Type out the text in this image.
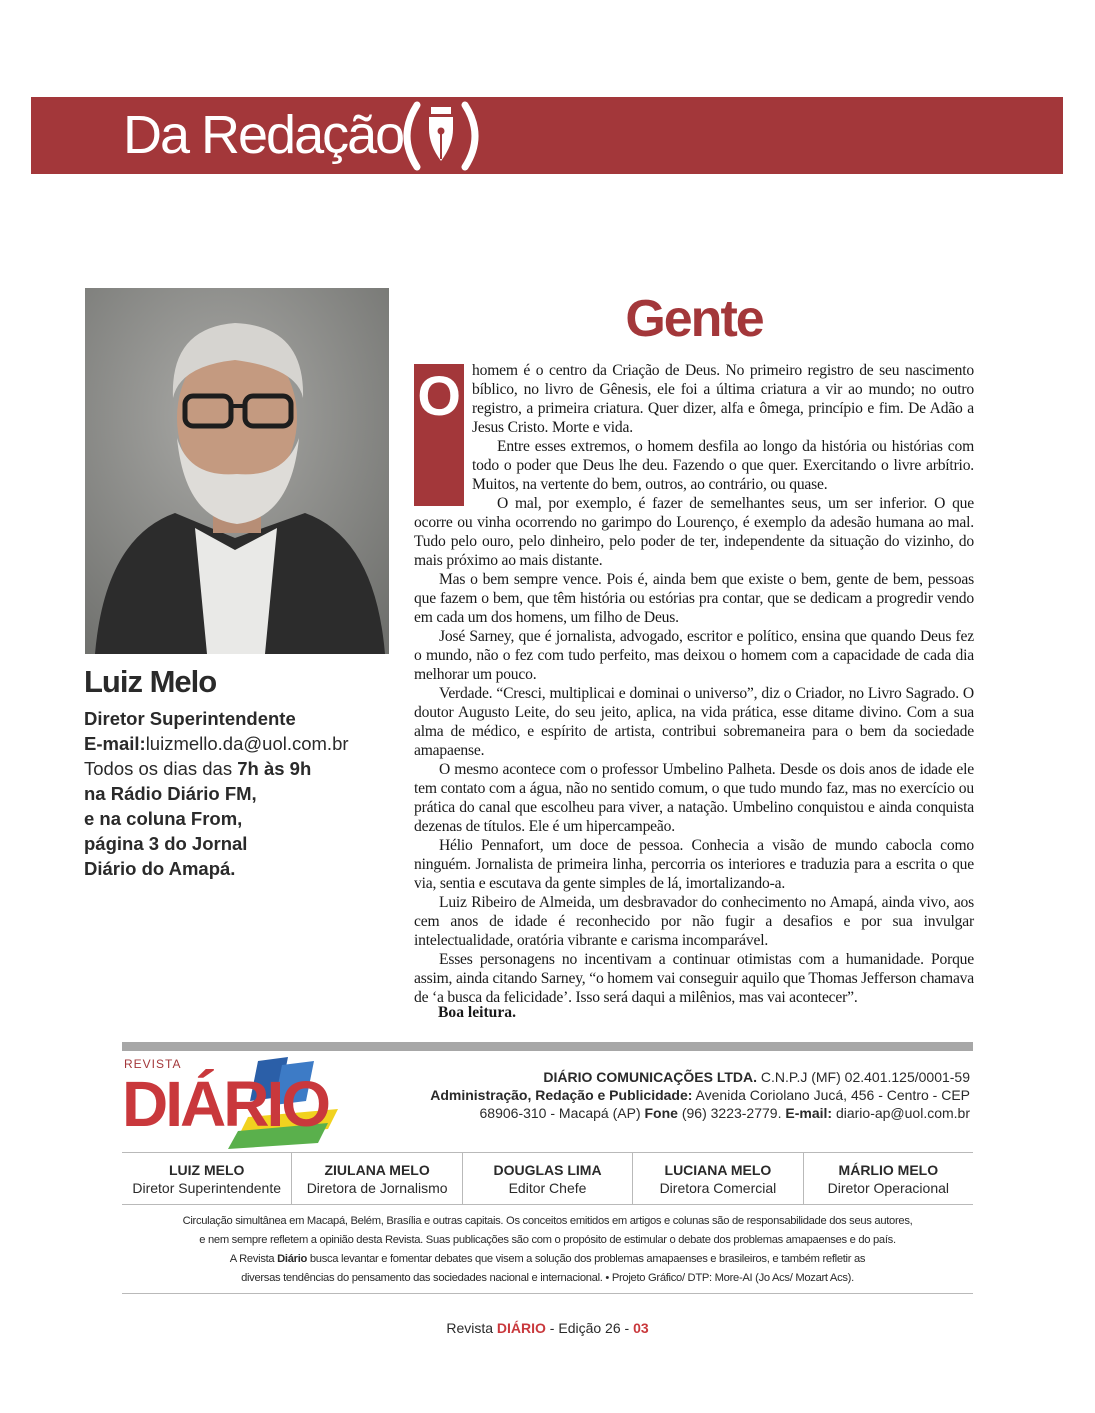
Da Redação
Luiz Melo
Diretor Superintendente
E-mail:luizmello.da@uol.com.br
Todos os dias das 7h às 9h
na Rádio Diário FM,
e na coluna From,
página 3 do Jornal
Diário do Amapá.
Gente
O homem é o centro da Criação de Deus. No primeiro registro de seu nascimento bíblico, no livro de Gênesis, ele foi a última criatura a vir ao mundo; no outro registro, a primeira criatura. Quer dizer, alfa e ômega, princípio e fim. De Adão a Jesus Cristo. Morte e vida.

Entre esses extremos, o homem desfila ao longo da história ou histórias com todo o poder que Deus lhe deu. Fazendo o que quer. Exercitando o livre arbítrio. Muitos, na vertente do bem, outros, ao contrário, ou quase.

O mal, por exemplo, é fazer de semelhantes seus, um ser inferior. O que ocorre ou vinha ocorrendo no garimpo do Lourenço, é exemplo da adesão humana ao mal. Tudo pelo ouro, pelo dinheiro, pelo poder de ter, independente da situação do vizinho, do mais próximo ao mais distante.

Mas o bem sempre vence. Pois é, ainda bem que existe o bem, gente de bem, pessoas que fazem o bem, que têm história ou estórias pra contar, que se dedicam a progredir vendo em cada um dos homens, um filho de Deus.

José Sarney, que é jornalista, advogado, escritor e político, ensina que quando Deus fez o mundo, não o fez com tudo perfeito, mas deixou o homem com a capacidade de cada dia melhorar um pouco.

Verdade. “Cresci, multiplicai e dominai o universo”, diz o Criador, no Livro Sagrado. O doutor Augusto Leite, do seu jeito, aplica, na vida prática, esse ditame divino. Com a sua alma de médico, e espírito de artista, contribui sobremaneira para o bem da sociedade amapaense.

O mesmo acontece com o professor Umbelino Palheta. Desde os dois anos de idade ele tem contato com a água, não no sentido comum, o que tudo mundo faz, mas no exercício ou prática do canal que escolheu para viver, a natação. Umbelino conquistou e ainda conquista dezenas de títulos. Ele é um hipercampeão.

Hélio Pennafort, um doce de pessoa. Conhecia a visão de mundo cabocla como ninguém. Jornalista de primeira linha, percorria os interiores e traduzia para a escrita o que via, sentia e escutava da gente simples de lá, imortalizando-a.

Luiz Ribeiro de Almeida, um desbravador do conhecimento no Amapá, ainda vivo, aos cem anos de idade é reconhecido por não fugir a desafios e por sua invulgar intelectualidade, oratória vibrante e carisma incomparável.

Esses personagens no incentivam a continuar otimistas com a humanidade. Porque assim, ainda citando Sarney, “o homem vai conseguir aquilo que Thomas Jefferson chamava de ‘a busca da felicidade’. Isso será daqui a milênios, mas vai acontecer”.

Boa leitura.
REVISTA
DIÁRIO	DIÁRIO COMUNICAÇÕES LTDA. C.N.P.J (MF) 02.401.125/0001-59
Administração, Redação e Publicidade: Avenida Coriolano Jucá, 456 - Centro - CEP 68906-310 - Macapá (AP) Fone (96) 3223-2779. E-mail: diario-ap@uol.com.br
LUIZ MELO
Diretor Superintendente
ZIULANA MELO
Diretora de Jornalismo
DOUGLAS LIMA
Editor Chefe
LUCIANA MELO
Diretora Comercial
MÁRLIO MELO
Diretor Operacional
Circulação simultânea em Macapá, Belém, Brasília e outras capitais. Os conceitos emitidos em artigos e colunas são de responsabilidade dos seus autores,
e nem sempre refletem a opinião desta Revista. Suas publicações são com o propósito de estimular o debate dos problemas amapaenses e do país.
A Revista Diário busca levantar e fomentar debates que visem a solução dos problemas amapaenses e brasileiros, e também refletir as
diversas tendências do pensamento das sociedades nacional e internacional. • Projeto Gráfico/ DTP: More-AI (Jo Acs/ Mozart Acs).
Revista DIÁRIO - Edição 26 - 03
